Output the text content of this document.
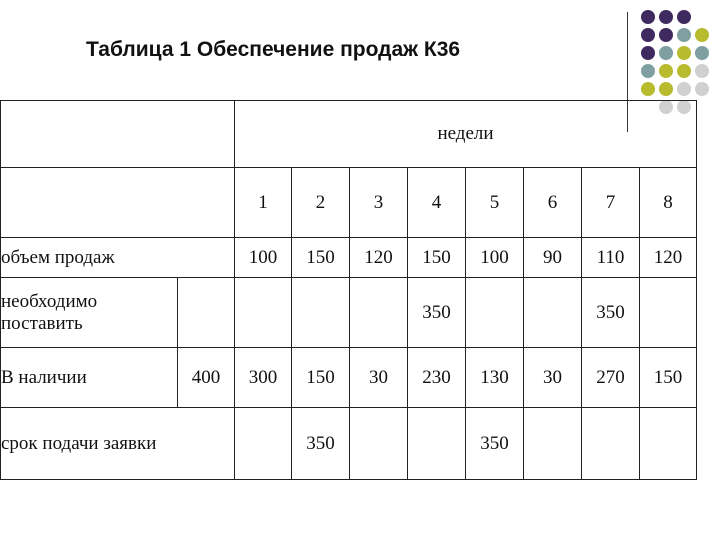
Таблица 1 Обеспечение продаж К36
		недели							
		1	2	3	4	5	6	7	8
объем продаж		100	150	120	150	100	90	110	120
необходимо поставить					350			350	
В наличии	400	300	150	30	230	130	30	270	150
срок подачи заявки			350			350			
